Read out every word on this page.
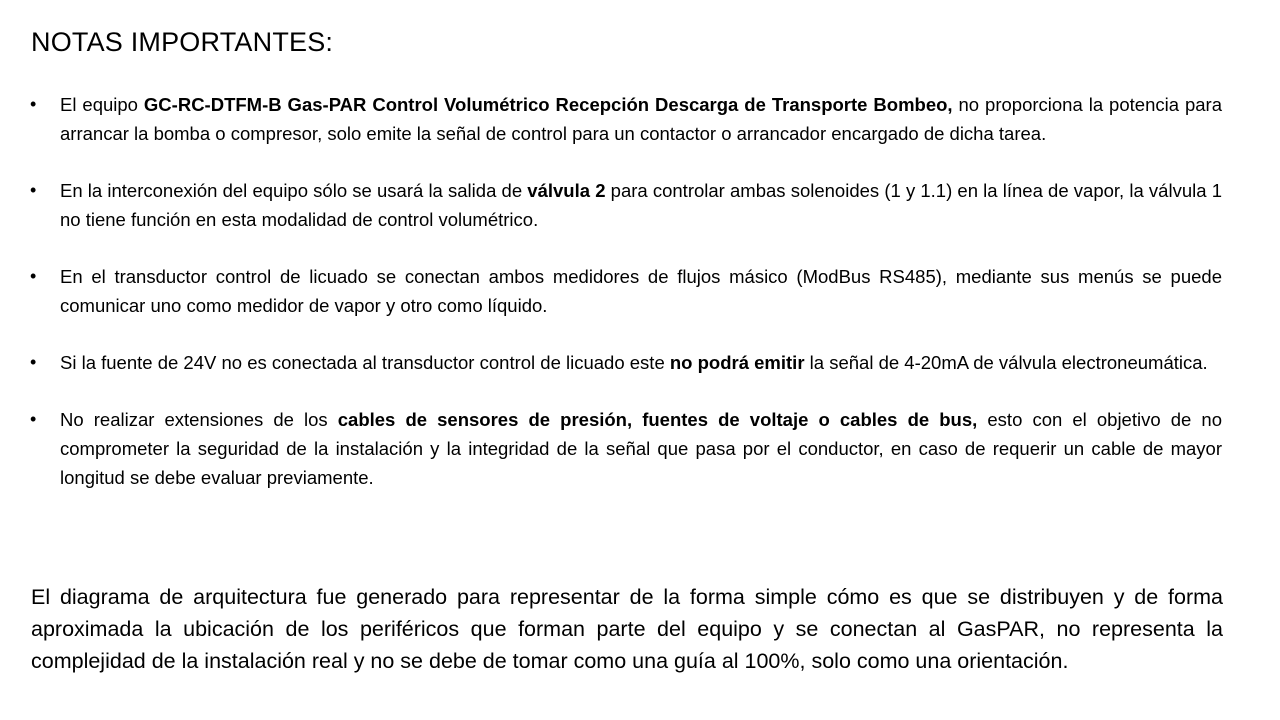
NOTAS IMPORTANTES:
•	El equipo GC-RC-DTFM-B Gas-PAR Control Volumétrico Recepción Descarga de Transporte Bombeo, no proporciona la potencia para arrancar la bomba o compresor, solo emite la señal de control para un contactor o arrancador encargado de dicha tarea.
•	En la interconexión del equipo sólo se usará la salida de válvula 2 para controlar ambas solenoides (1 y 1.1) en la línea de vapor, la válvula 1 no tiene función en esta modalidad de control volumétrico.
•	En el transductor control de licuado se conectan ambos medidores de flujos másico (ModBus RS485), mediante sus menús se puede comunicar uno como medidor de vapor y otro como líquido.
•	Si la fuente de 24V no es conectada al transductor control de licuado este no podrá emitir la señal de 4-20mA de válvula electroneumática.
•	No realizar extensiones de los cables de sensores de presión, fuentes de voltaje o cables de bus, esto con el objetivo de no comprometer la seguridad de la instalación y la integridad de la señal que pasa por el conductor, en caso de requerir un cable de mayor longitud se debe evaluar previamente.

El diagrama de arquitectura fue generado para representar de la forma simple cómo es que se distribuyen y de forma aproximada la ubicación de los periféricos que forman parte del equipo y se conectan al GasPAR, no representa la complejidad de la instalación real y no se debe de tomar como una guía al 100%, solo como una orientación.
